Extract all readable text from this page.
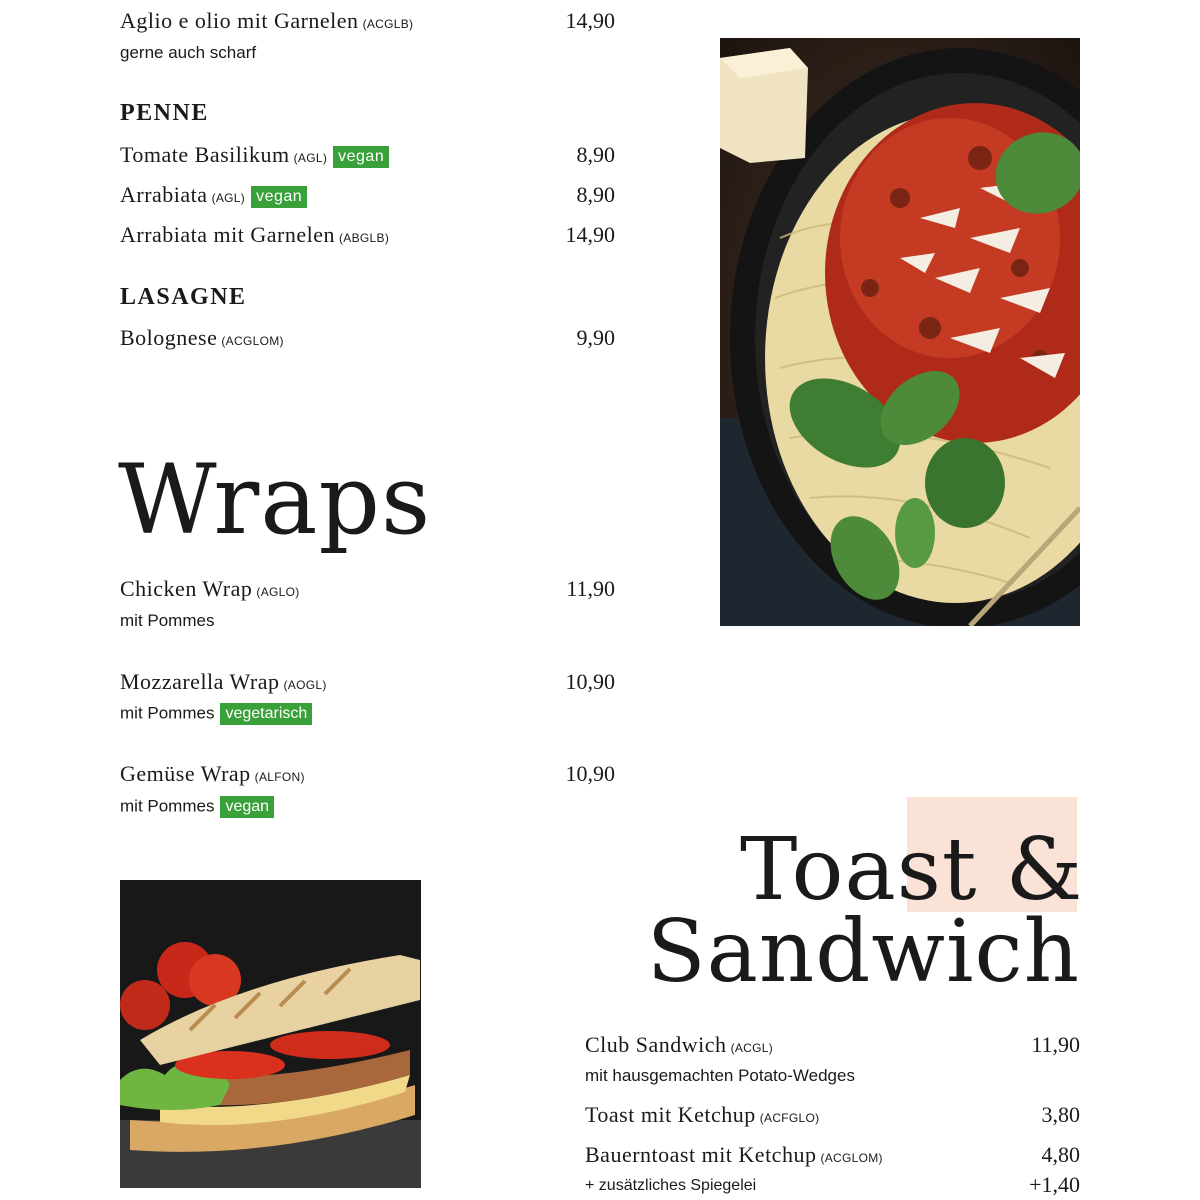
Aglio e olio mit Garnelen (ACGLB)	14,90
gerne auch scharf
PENNE
Tomate Basilikum (AGL) vegan	8,90
Arrabiata (AGL) vegan	8,90
Arrabiata mit Garnelen (ABGLB)	14,90
LASAGNE
Bolognese (ACGLOM)	9,90
Wraps
Chicken Wrap (AGLO)	11,90
mit Pommes
Mozzarella Wrap (AOGL)	10,90
mit Pommes vegetarisch
Gemüse Wrap (ALFON)	10,90
mit Pommes vegan
Toast &
Sandwich
Club Sandwich (ACGL)	11,90
mit hausgemachten Potato-Wedges
Toast mit Ketchup (ACFGLO)	3,80
Bauerntoast mit Ketchup (ACGLOM)	4,80
+ zusätzliches Spiegelei	+1,40
